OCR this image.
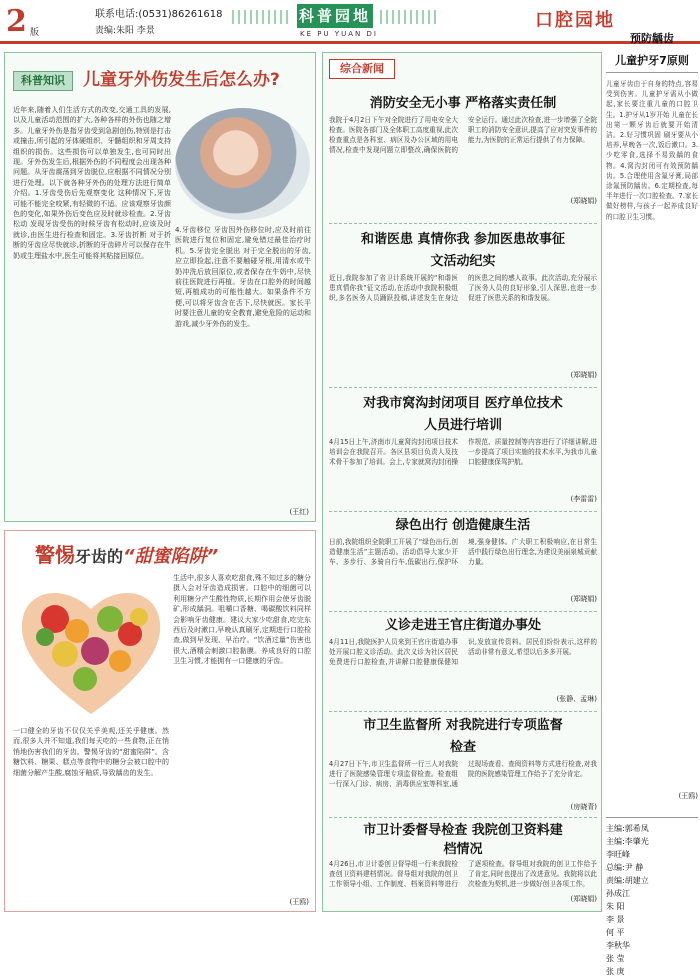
2 版
联系电话:(0531)86261618
责编:朱阳 李景
科普园地
KE PU YUAN DI
口腔园地
科普知识	儿童牙外伤发生后怎么办?
近年来,随着人们生活方式的改变,交通工具的发展,以及儿童活动范围的扩大,各种各样的外伤也随之增多。儿童牙外伤是指牙齿受到急剧创伤,特别是打击或撞击,所引起的牙体硬组织、牙髓组织和牙周支持组织的损伤。这些损伤可以单独发生,也可同时出现。牙外伤发生后,根据外伤的不同程度会出现各种问题。从牙齿震荡到牙齿脱位,应根据不同情况分别进行处理。以下就各种牙外伤的处理方法进行简单介绍。1.牙齿受伤后先观察变化 这种情况下,牙齿可能不能完全咬紧,有轻微的不适。应该观察牙齿颜色的变化,如果外伤后变色应及时就诊检查。2.牙齿松动 发现牙齿受伤的时候牙齿有松动时,应该及时就诊,由医生进行检查和固定。3.牙齿折断 对于折断的牙齿应尽快就诊,折断的牙齿碎片可以保存在牛奶或生理盐水中,医生可能将其粘接回原位。
4.牙齿移位 牙齿因外伤移位时,应及时前往医院进行复位和固定,避免错过最佳治疗时机。5.牙齿完全脱出 对于完全脱出的牙齿,应立即捡起,注意不要触碰牙根,用清水或牛奶冲洗后放回原位,或者保存在牛奶中,尽快前往医院进行再植。牙齿在口腔外的时间越短,再植成功的可能性越大。如果条件不方便,可以将牙齿含在舌下,尽快就医。家长平时要注意儿童的安全教育,避免危险的运动和游戏,减少牙外伤的发生。
(王红)
警惕牙齿的“甜蜜陷阱”
一口健全的牙齿不仅仅关乎美观,还关乎健康。然而,很多人并不知道,我们每天吃的一些食物,正在悄悄地伤害我们的牙齿。警惕牙齿的“甜蜜陷阱”。含糖饮料、糖果、糕点等食物中的糖分会被口腔中的细菌分解产生酸,腐蚀牙釉质,导致龋齿的发生。
生活中,很多人喜欢吃甜食,殊不知过多的糖分摄入会对牙齿造成损害。口腔中的细菌可以利用糖分产生酸性物质,长期作用会使牙齿脱矿,形成龋洞。咀嚼口香糖、喝碳酸饮料同样会影响牙齿健康。建议大家少吃甜食,吃完东西后及时漱口,早晚认真刷牙,定期进行口腔检查,做到早发现、早治疗。“饮酒过量”伤害也很大,酒精会刺激口腔黏膜。养成良好的口腔卫生习惯,才能拥有一口健康的牙齿。
(王鸥)
综合新闻
消防安全无小事 严格落实责任制
我院于4月2日下午对全院进行了用电安全大检查。医院各部门及全体职工高度重视,此次检查重点是各科室、病区及办公区域的用电情况,检查中发现问题立即整改,确保医院的安全运行。通过此次检查,进一步增强了全院职工的消防安全意识,提高了应对突发事件的能力,为医院的正常运行提供了有力保障。
(郑晓娟)
和谐医患 真情你我 参加医患故事征文活动纪实
近日,我院参加了省卫计系统开展的“和谐医患真情你我”征文活动,在活动中我院积极组织,多名医务人员踊跃投稿,讲述发生在身边的医患之间的感人故事。此次活动,充分展示了医务人员的良好形象,引人深思,也进一步促进了医患关系的和谐发展。
(郑晓娟)
对我市窝沟封闭项目 医疗单位技术人员进行培训
4月15日上午,济南市儿童窝沟封闭项目技术培训会在我院召开。各区县项目负责人及技术骨干参加了培训。会上,专家就窝沟封闭操作规范、质量控制等内容进行了详细讲解,进一步提高了项目实施的技术水平,为我市儿童口腔健康保驾护航。
(李雷雷)
绿色出行 创造健康生活
日前,我院组织全院职工开展了“绿色出行,创造健康生活”主题活动。活动倡导大家少开车、多步行、多骑自行车,低碳出行,保护环境,强身健体。广大职工积极响应,在日常生活中践行绿色出行理念,为建设美丽泉城贡献力量。
(郑晓娟)
义诊走进王官庄街道办事处
4月11日,我院医护人员来到王官庄街道办事处开展口腔义诊活动。此次义诊为社区居民免费进行口腔检查,并讲解口腔健康保健知识,发放宣传资料。居民们纷纷表示,这样的活动非常有意义,希望以后多多开展。
(张静、孟琳)
市卫生监督所 对我院进行专项监督检查
4月27日下午,市卫生监督所一行三人对我院进行了医院感染管理专项监督检查。检查组一行深入门诊、病房、消毒供应室等科室,通过现场查看、查阅资料等方式进行检查,对我院的医院感染管理工作给予了充分肯定。
(房晓青)
市卫计委督导检查 我院创卫资料建档情况
4月26日,市卫计委创卫督导组一行来我院检查创卫资料建档情况。督导组对我院的创卫工作领导小组、工作制度、档案资料等进行了逐项检查。督导组对我院的创卫工作给予了肯定,同时也提出了改进意见。我院将以此次检查为契机,进一步做好创卫各项工作。
(郑晓娟)
预防龋齿
儿童护牙7原则
儿童牙齿由于自身的特点,容易受到伤害。儿童护牙需从小做起,家长要注重儿童的口腔卫生。1.护牙从1岁开始 儿童在长出第一颗牙齿后就要开始清洁。2.好习惯巩固 刷牙要从小培养,早晚各一次,饭后漱口。3.少吃零食,选择不易致龋的食物。4.窝沟封闭可有效预防龋齿。5.合理使用含氟牙膏,局部涂氟预防龋齿。6.定期检查,每半年进行一次口腔检查。7.家长做好榜样,与孩子一起养成良好的口腔卫生习惯。
(王鸥)
主编:郭希凤
主编:李肇光
李旺峰
总编:尹 静
责编:胡建立
孙成江
朱 阳
李 景
何 平
李秋华
张 莹
张 庚
